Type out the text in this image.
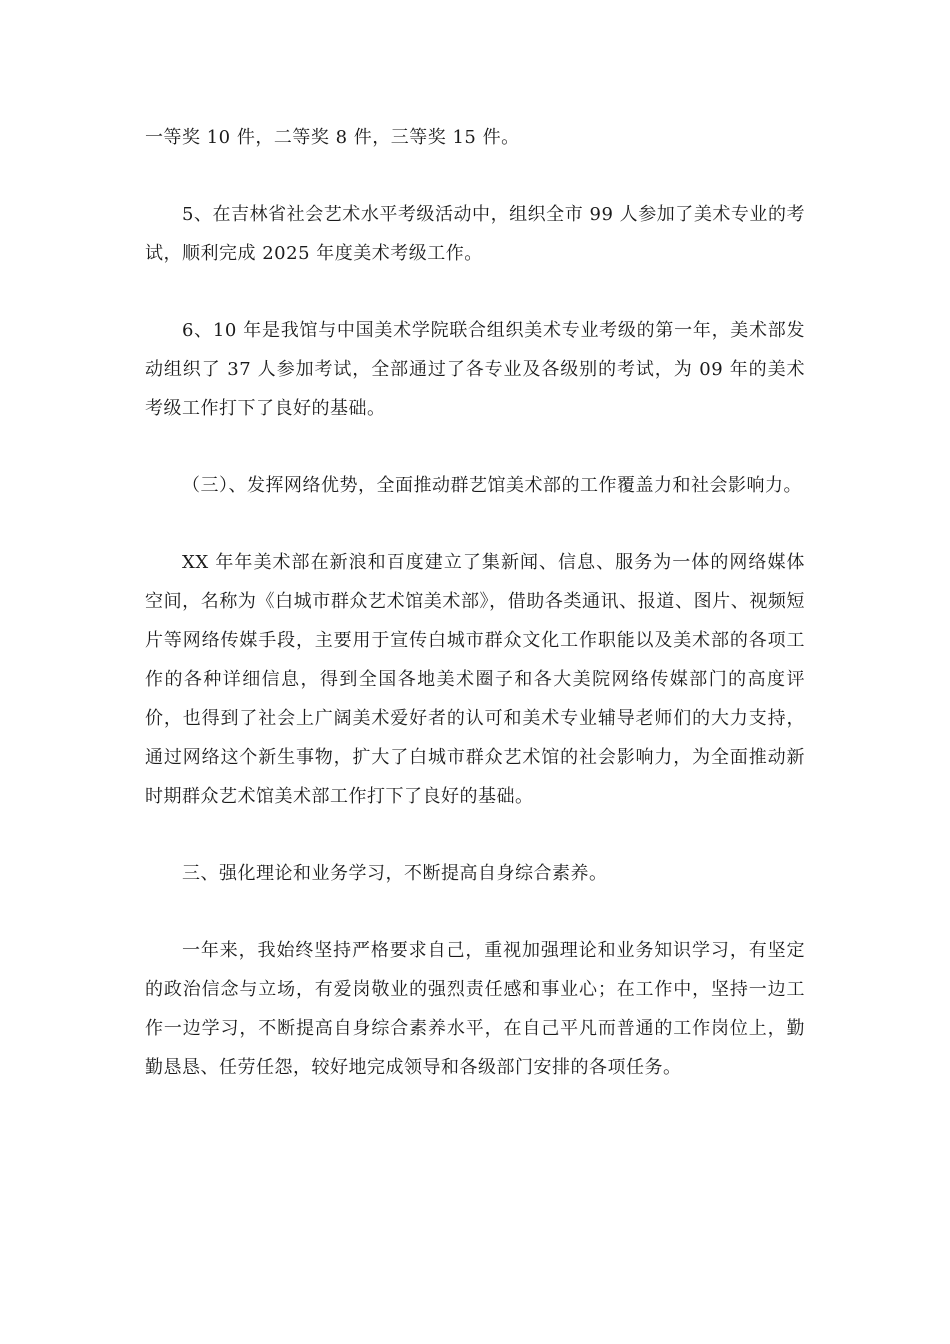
一等奖 10 件，二等奖 8 件，三等奖 15 件。

5、在吉林省社会艺术水平考级活动中，组织全市 99 人参加了美术专业的考试，顺利完成 2025 年度美术考级工作。

6、10 年是我馆与中国美术学院联合组织美术专业考级的第一年，美术部发动组织了 37 人参加考试，全部通过了各专业及各级别的考试，为 09 年的美术考级工作打下了良好的基础。

（三）、发挥网络优势，全面推动群艺馆美术部的工作覆盖力和社会影响力。

XX 年年美术部在新浪和百度建立了集新闻、信息、服务为一体的网络媒体空间，名称为《白城市群众艺术馆美术部》，借助各类通讯、报道、图片、视频短片等网络传媒手段，主要用于宣传白城市群众文化工作职能以及美术部的各项工作的各种详细信息，得到全国各地美术圈子和各大美院网络传媒部门的高度评价，也得到了社会上广阔美术爱好者的认可和美术专业辅导老师们的大力支持，通过网络这个新生事物，扩大了白城市群众艺术馆的社会影响力，为全面推动新时期群众艺术馆美术部工作打下了良好的基础。

三、强化理论和业务学习，不断提高自身综合素养。

一年来，我始终坚持严格要求自己，重视加强理论和业务知识学习，有坚定的政治信念与立场，有爱岗敬业的强烈责任感和事业心；在工作中，坚持一边工作一边学习，不断提高自身综合素养水平，在自己平凡而普通的工作岗位上，勤勤恳恳、任劳任怨，较好地完成领导和各级部门安排的各项任务。
